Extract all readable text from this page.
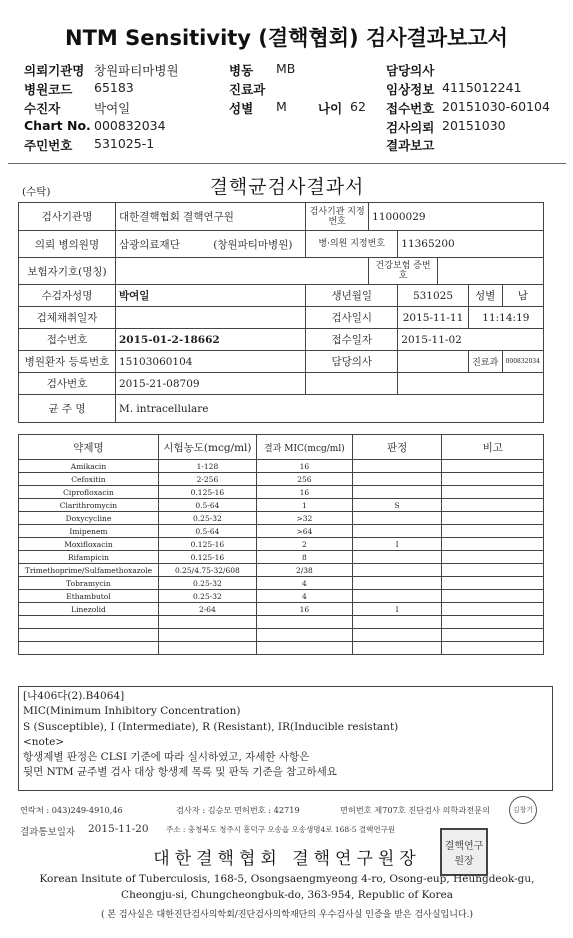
NTM Sensitivity (결핵협회) 검사결과보고서
의뢰기관명 창원파티마병원	병동 MB	담당의사
병원코드 65183	진료과	임상정보 4115012241
수진자	박여일	성별 M 나이 62 접수번호 20151030-60104
Chart No. 000832034	검사의뢰 20151030
주민번호 531025-1	결과보고
(수탁)	결핵균검사결과서
검사기관명	대한결핵협회 결핵연구원	검사기관 지정번호	11000029				
의뢰 병의원명	삼광의료재단 (창원파티마병원)	병·의원 지정번호		11365200			
보험자기호(명칭)			건강보험 증번호				
수검자성명	박여일	생년월일		531025		성별	남
검체채취일자		검사일시		2015-11-11		11:14:19	
접수번호	2015-01-2-18662	접수일자		2015-11-02			
병원환자 등록번호	15103060104	담당의사				진료과	000832034
검사번호	2015-21-08709						
균 주 명	M. intracellulare						
약제명	시험농도(mcg/ml)	결과 MIC(mcg/ml)	판정	비고
Amikacin	1-128	16		
Cefoxitin	2-256	256		
Ciprofloxacin	0.125-16	16		
Clarithromycin	0.5-64	1	S	
Doxycycline	0.25-32	>32		
Imipenem	0.5-64	>64		
Moxifloxacin	0.125-16	2	I	
Rifampicin	0.125-16	8		
Trimethoprime/Sulfamethoxazole	0.25/4.75-32/608	2/38		
Tobramycin	0.25-32	4		
Ethambutol	0.25-32	4		
Linezolid	2-64	16	I	

[나406다(2).B4064]
MIC(Minimum Inhibitory Concentration)
S (Susceptible), I (Intermediate), R (Resistant), IR(Inducible resistant)
<note>
항생제별 판정은 CLSI 기준에 따라 실시하였고, 자세한 사항은
뒷면 NTM 균주별 검사 대상 항생제 목록 및 판독 기준을 참고하세요
연락처 : 043)249-4910,46	검사자 : 김승모 면허번호 : 42719	면허번호 제707호 진단검사 의학과전문의	김창기
결과통보일자 2015-11-20 주소 : 충청북도 청주시 흥덕구 오송읍 오송생명4로 168-5 결핵연구원
대한결핵협회 결핵연구원장
결핵연구원장
Korean Insitute of Tuberculosis, 168-5, Osongsaengmyeong 4-ro, Osong-eup, Heungdeok-gu,
Cheongju-si, Chungcheongbuk-do, 363-954, Republic of Korea
( 본 검사실은 대한진단검사의학회/진단검사의학재단의 우수검사실 인증을 받은 검사실입니다.)
